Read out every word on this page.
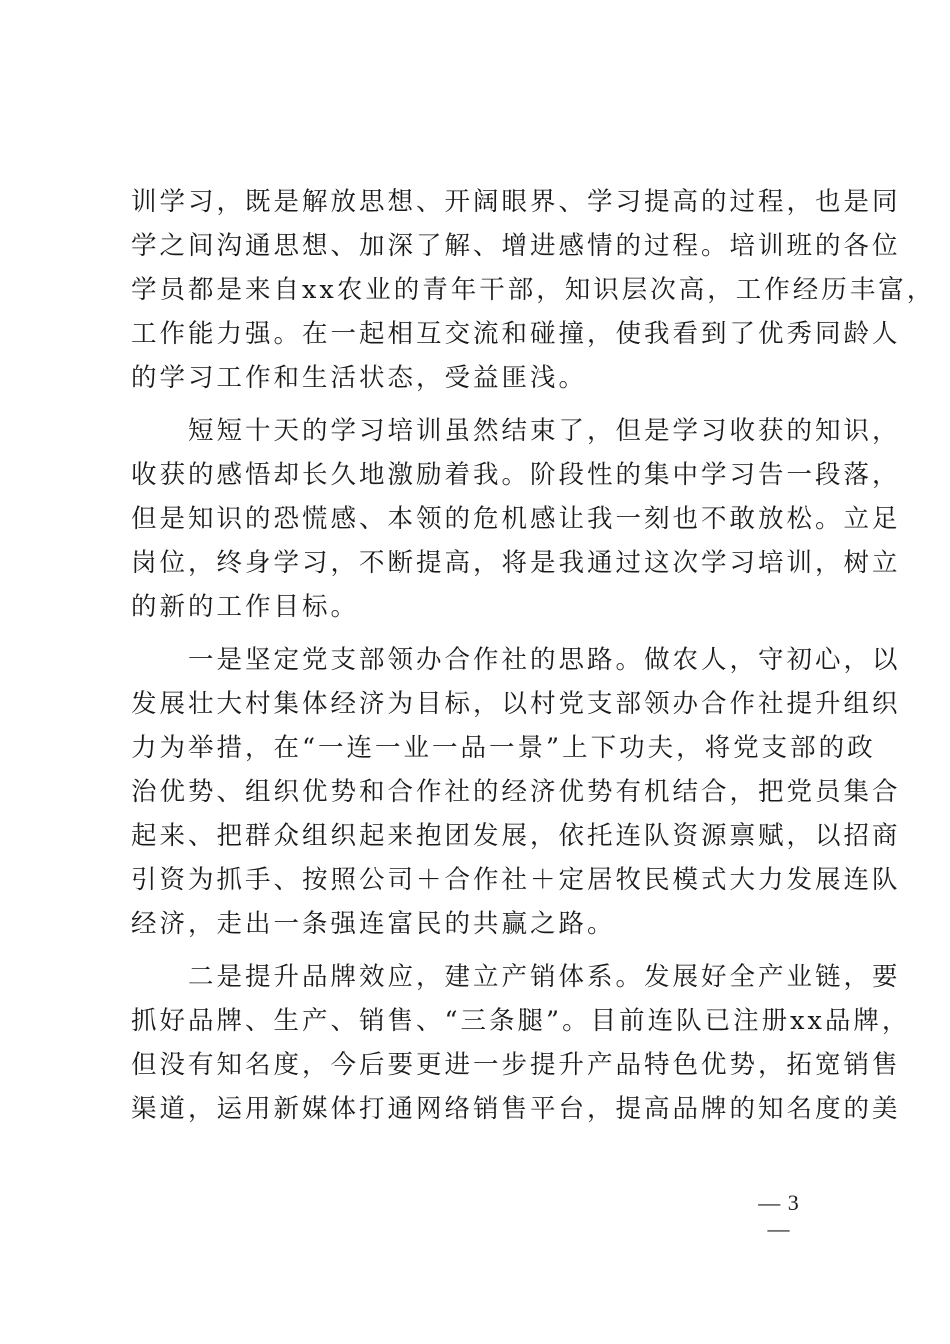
训学习，既是解放思想、开阔眼界、学习提高的过程，也是同
学之间沟通思想、加深了解、增进感情的过程。培训班的各位
学员都是来自xx农业的青年干部，知识层次高，工作经历丰富，
工作能力强。在一起相互交流和碰撞，使我看到了优秀同龄人
的学习工作和生活状态，受益匪浅。

　　短短十天的学习培训虽然结束了，但是学习收获的知识，
收获的感悟却长久地激励着我。阶段性的集中学习告一段落，
但是知识的恐慌感、本领的危机感让我一刻也不敢放松。立足
岗位，终身学习，不断提高，将是我通过这次学习培训，树立
的新的工作目标。

　　一是坚定党支部领办合作社的思路。做农人，守初心，以
发展壮大村集体经济为目标，以村党支部领办合作社提升组织
力为举措，在“一连一业一品一景”上下功夫，将党支部的政
治优势、组织优势和合作社的经济优势有机结合，把党员集合
起来、把群众组织起来抱团发展，依托连队资源禀赋，以招商
引资为抓手、按照公司＋合作社＋定居牧民模式大力发展连队
经济，走出一条强连富民的共赢之路。

　　二是提升品牌效应，建立产销体系。发展好全产业链，要
抓好品牌、生产、销售、“三条腿”。目前连队已注册xx品牌，
但没有知名度，今后要更进一步提升产品特色优势，拓宽销售
渠道，运用新媒体打通网络销售平台，提高品牌的知名度的美

— 3 —
